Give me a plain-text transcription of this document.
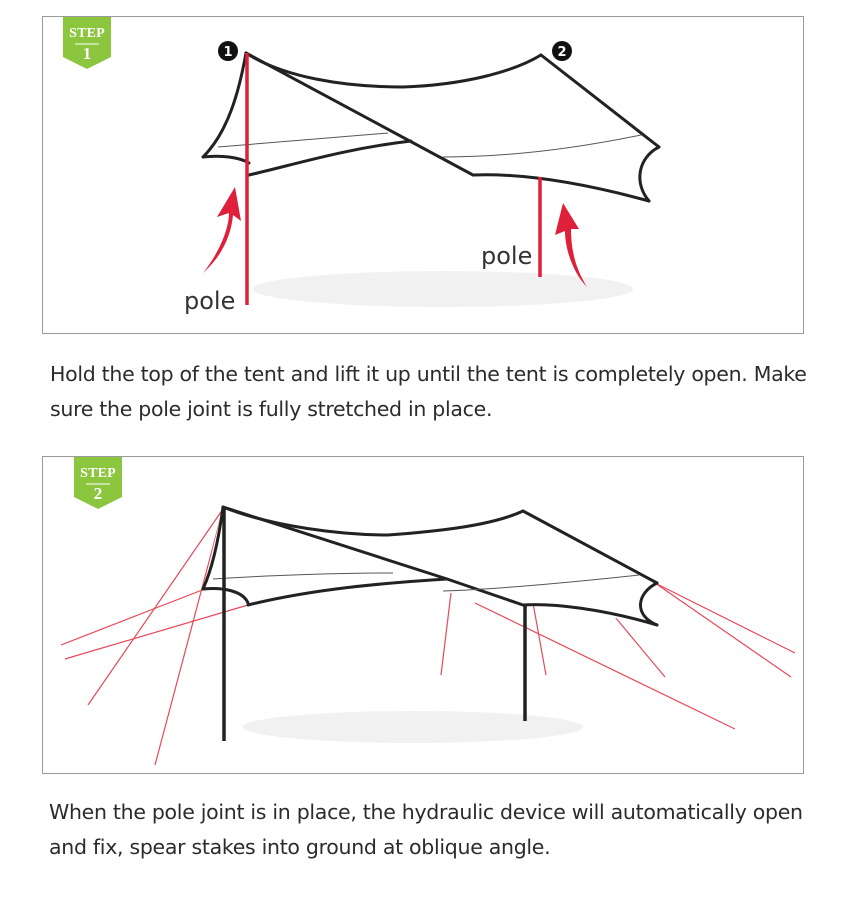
1	2
STEP
1
pole
pole
Hold the top of the tent and lift it up until the tent is completely open. Make sure the pole joint is fully stretched in place.
STEP
2
When the pole joint is in place, the hydraulic device will automatically open and fix, spear stakes into ground at oblique angle.
